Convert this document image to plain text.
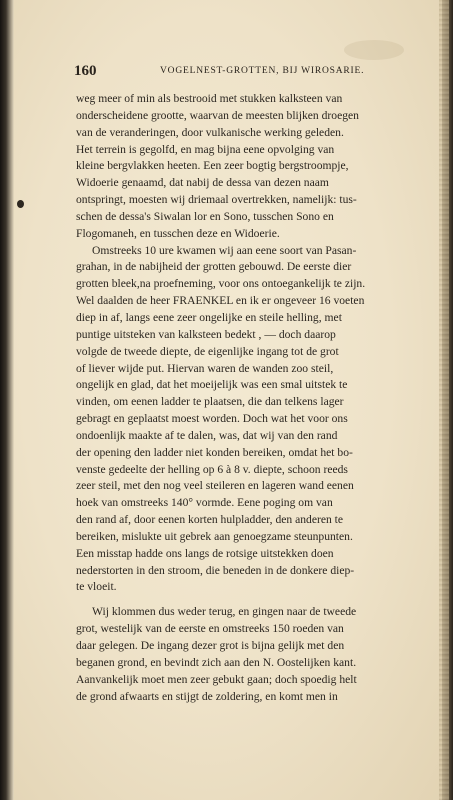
160	VOGELNEST-GROTTEN, BIJ WIROSARIE.
weg meer of min als bestrooid met stukken kalksteen van
onderscheidene grootte, waarvan de meesten blijken droegen
van de veranderingen, door vulkanische werking geleden.
Het terrein is gegolfd, en mag bijna eene opvolging van
kleine bergvlakken heeten. Een zeer bogtig bergstroompje,
Widoerie genaamd, dat nabij de dessa van dezen naam
ontspringt, moesten wij driemaal overtrekken, namelijk: tus-
schen de dessa's Siwalan lor en Sono, tusschen Sono en
Flogomaneh, en tusschen deze en Widoerie.
Omstreeks 10 ure kwamen wij aan eene soort van Pasan-
grahan, in de nabijheid der grotten gebouwd. De eerste dier
grotten bleek,na proefneming, voor ons ontoegankelijk te zijn.
Wel daalden de heer FRAENKEL en ik er ongeveer 16 voeten
diep in af, langs eene zeer ongelijke en steile helling, met
puntige uitsteken van kalksteen bedekt , — doch daarop
volgde de tweede diepte, de eigenlijke ingang tot de grot
of liever wijde put. Hiervan waren de wanden zoo steil,
ongelijk en glad, dat het moeijelijk was een smal uitstek te
vinden, om eenen ladder te plaatsen, die dan telkens lager
gebragt en geplaatst moest worden. Doch wat het voor ons
ondoenlijk maakte af te dalen, was, dat wij van den rand
der opening den ladder niet konden bereiken, omdat het bo-
venste gedeelte der helling op 6 à 8 v. diepte, schoon reeds
zeer steil, met den nog veel steileren en lageren wand eenen
hoek van omstreeks 140° vormde. Eene poging om van
den rand af, door eenen korten hulpladder, den anderen te
bereiken, mislukte uit gebrek aan genoegzame steunpunten.
Een misstap hadde ons langs de rotsige uitstekken doen
nederstorten in den stroom, die beneden in de donkere diep-
te vloeit.
Wij klommen dus weder terug, en gingen naar de tweede
grot, westelijk van de eerste en omstreeks 150 roeden van
daar gelegen. De ingang dezer grot is bijna gelijk met den
beganen grond, en bevindt zich aan den N. Oostelijken kant.
Aanvankelijk moet men zeer gebukt gaan; doch spoedig helt
de grond afwaarts en stijgt de zoldering, en komt men in
